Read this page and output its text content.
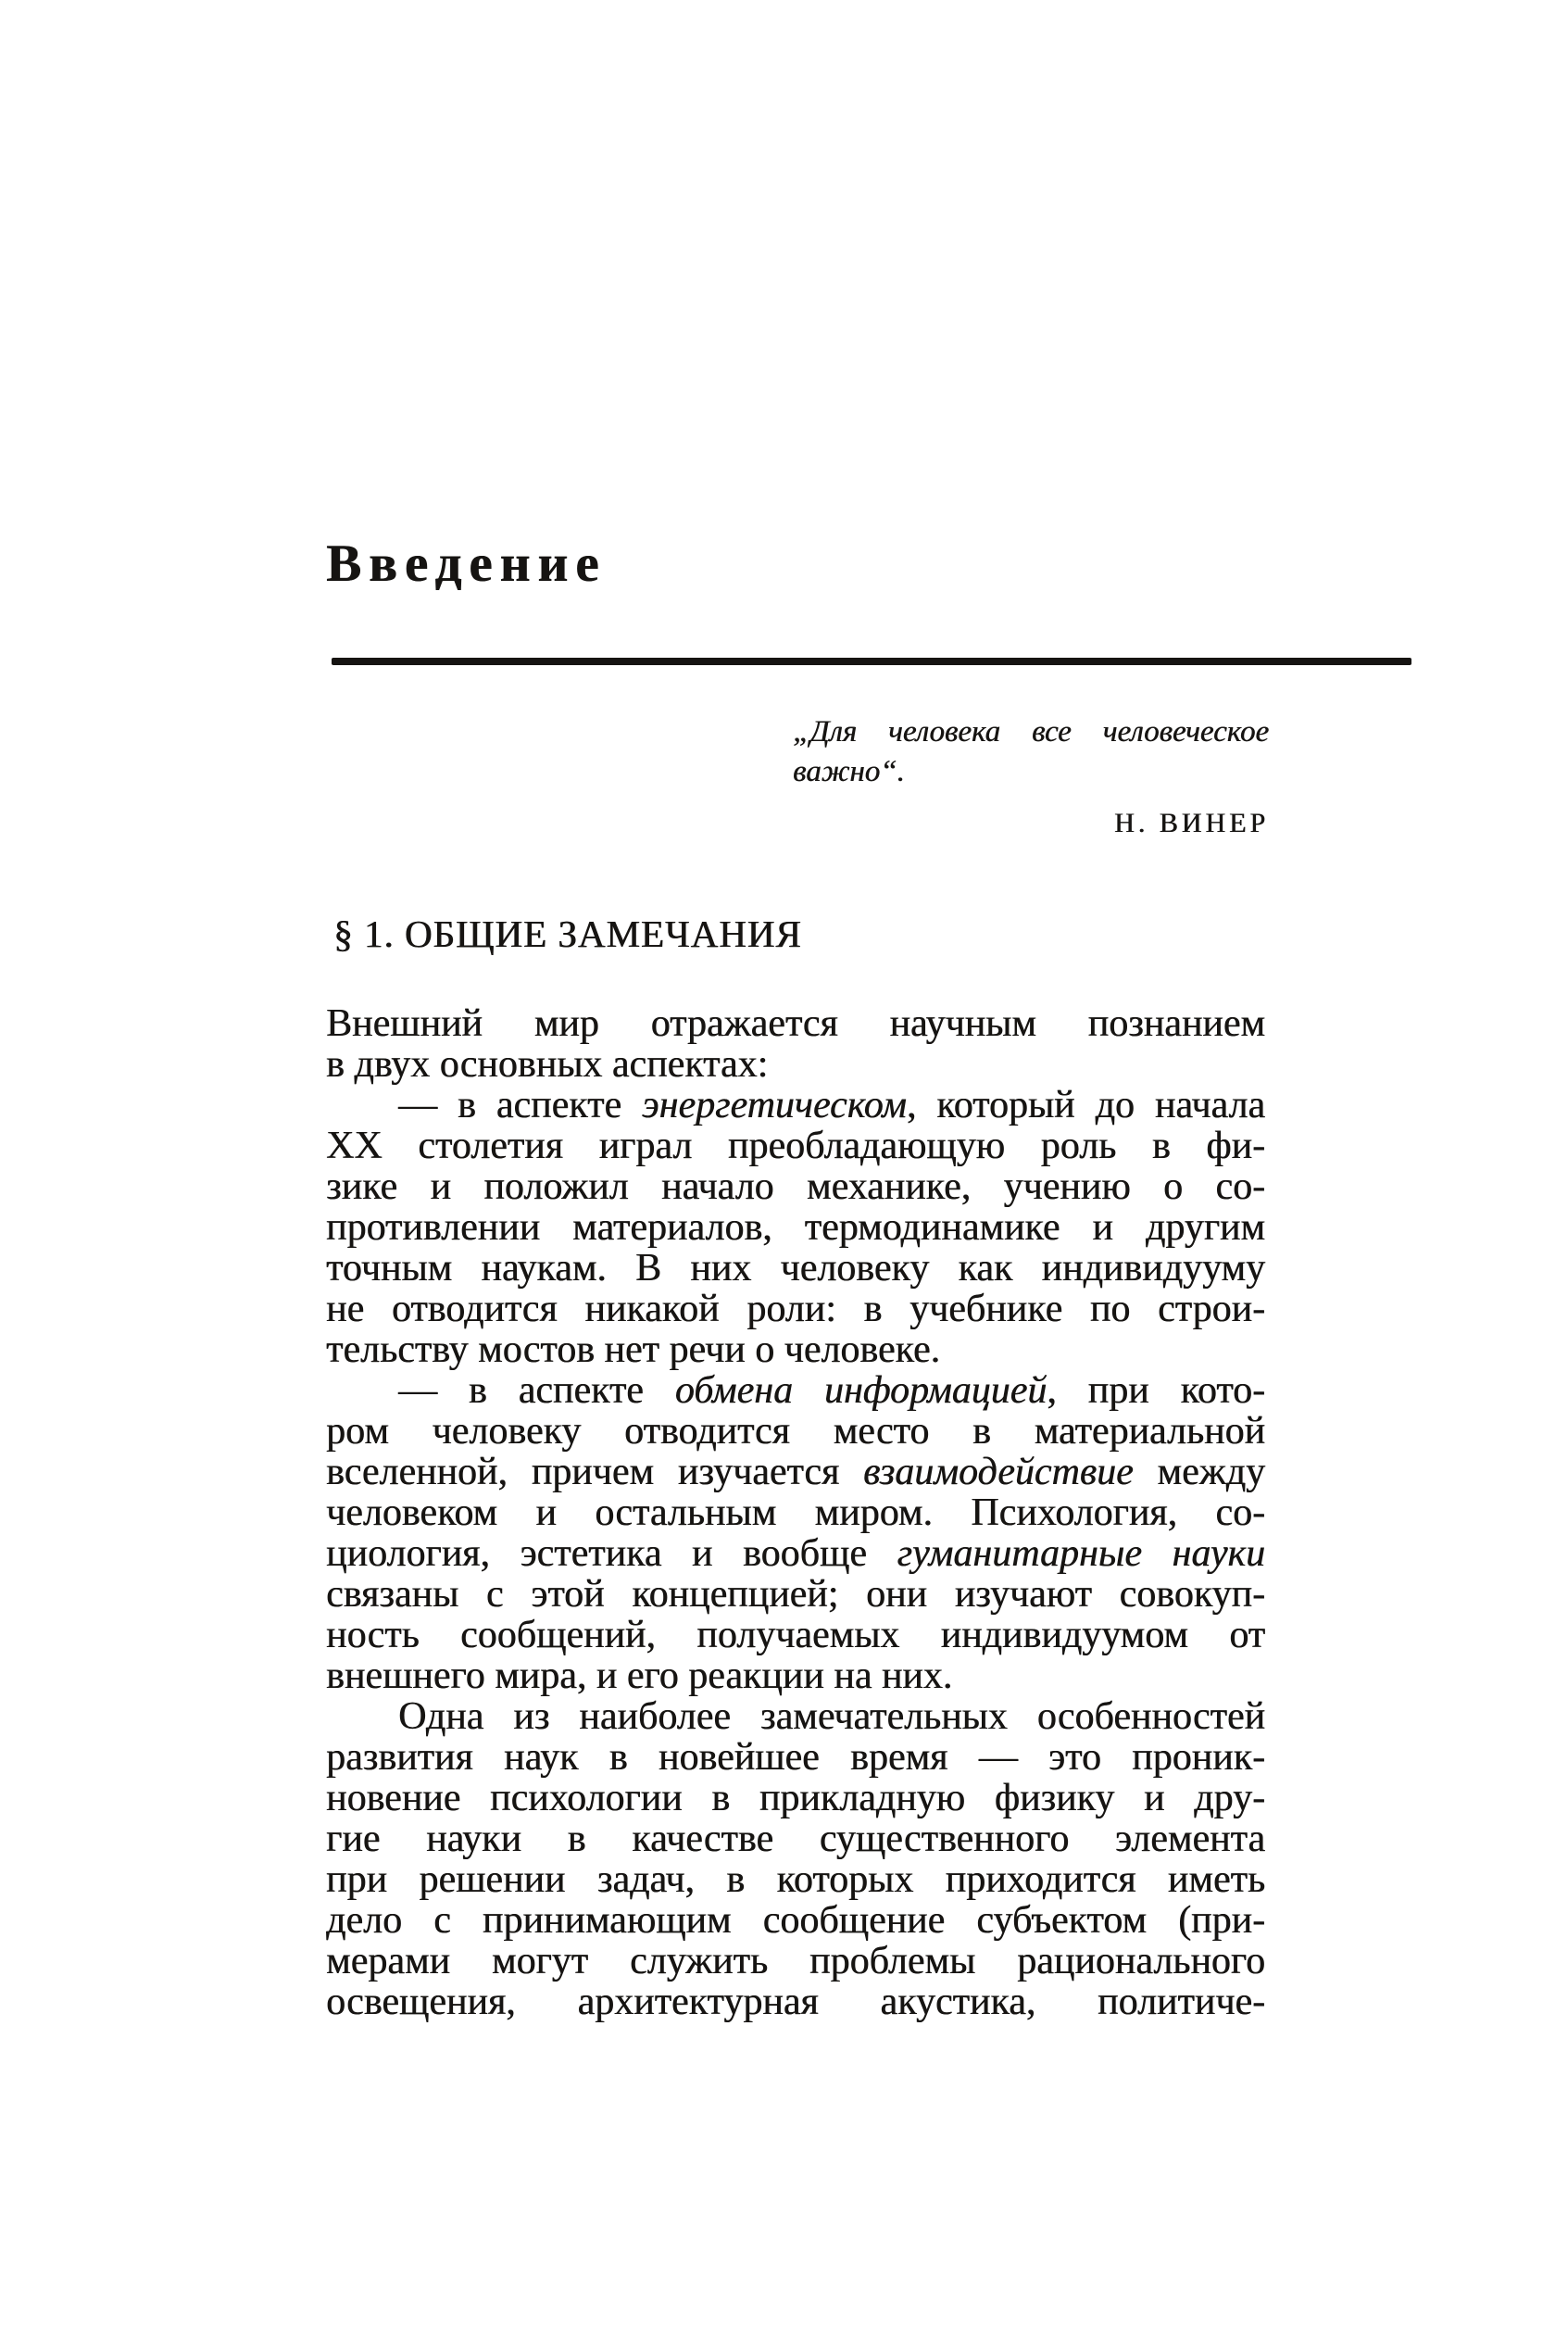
Введение
„Для человека все человеческое
важно“.
Н. ВИНЕР
§ 1. ОБЩИЕ ЗАМЕЧАНИЯ
Внешний мир отражается научным познанием
в двух основных аспектах:
— в аспекте энергетическом, который до начала
XX столетия играл преобладающую роль в фи-
зике и положил начало механике, учению о со-
противлении материалов, термодинамике и другим
точным наукам. В них человеку как индивидууму
не отводится никакой роли: в учебнике по строи-
тельству мостов нет речи о человеке.
— в аспекте обмена информацией, при кото-
ром человеку отводится место в материальной
вселенной, причем изучается взаимодействие между
человеком и остальным миром. Психология, со-
циология, эстетика и вообще гуманитарные науки
связаны с этой концепцией; они изучают совокуп-
ность сообщений, получаемых индивидуумом от
внешнего мира, и его реакции на них.
Одна из наиболее замечательных особенностей
развития наук в новейшее время — это проник-
новение психологии в прикладную физику и дру-
гие науки в качестве существенного элемента
при решении задач, в которых приходится иметь
дело с принимающим сообщение субъектом (при-
мерами могут служить проблемы рационального
освещения, архитектурная акустика, политиче-
